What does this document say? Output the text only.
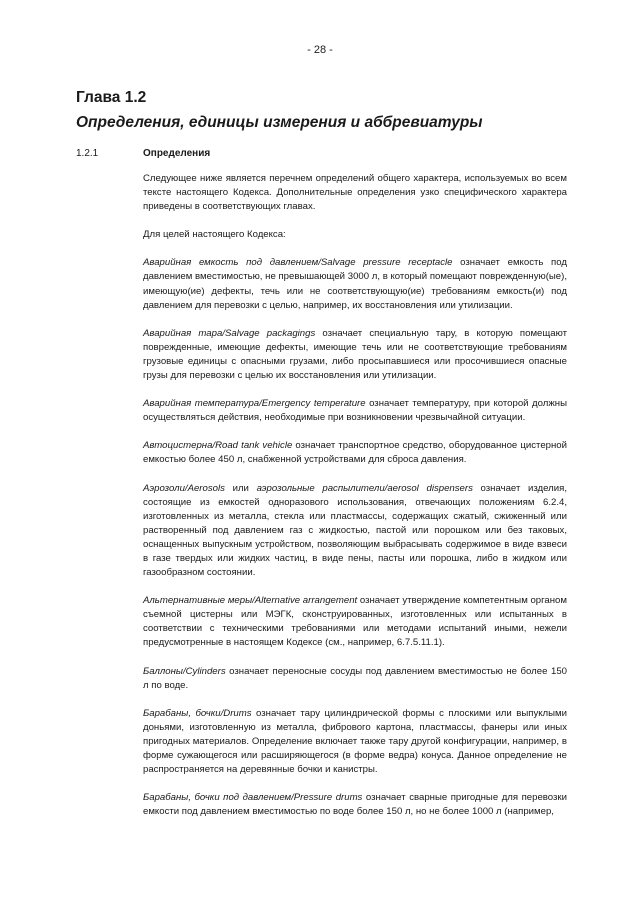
- 28 -
Глава 1.2
Определения, единицы измерения и аббревиатуры
1.2.1	Определения

Следующее ниже является перечнем определений общего характера, используемых во всем тексте настоящего Кодекса. Дополнительные определения узко специфического характера приведены в соответствующих главах.

Для целей настоящего Кодекса:

Аварийная емкость под давлением/Salvage pressure receptacle означает емкость под давлением вместимостью, не превышающей 3000 л, в который помещают поврежденную(ые), имеющую(ие) дефекты, течь или не соответствующую(ие) требованиям емкость(и) под давлением для перевозки с целью, например, их восстановления или утилизации.

Аварийная тара/Salvage packagings означает специальную тару, в которую помещают поврежденные, имеющие дефекты, имеющие течь или не соответствующие требованиям грузовые единицы с опасными грузами, либо просыпавшиеся или просочившиеся опасные грузы для перевозки с целью их восстановления или утилизации.

Аварийная температура/Emergency temperature означает температуру, при которой должны осуществляться действия, необходимые при возникновении чрезвычайной ситуации.

Автоцистерна/Road tank vehicle означает транспортное средство, оборудованное цистерной емкостью более 450 л, снабженной устройствами для сброса давления.

Аэрозоли/Aerosols или аэрозольные распылители/aerosol dispensers означает изделия, состоящие из емкостей одноразового использования, отвечающих положениям 6.2.4, изготовленных из металла, стекла или пластмассы, содержащих сжатый, сжиженный или растворенный под давлением газ с жидкостью, пастой или порошком или без таковых, оснащенных выпускным устройством, позволяющим выбрасывать содержимое в виде взвеси в газе твердых или жидких частиц, в виде пены, пасты или порошка, либо в жидком или газообразном состоянии.

Альтернативные меры/Alternative arrangement означает утверждение компетентным органом съемной цистерны или МЭГК, сконструированных, изготовленных или испытанных в соответствии с техническими требованиями или методами испытаний иными, нежели предусмотренные в настоящем Кодексе (см., например, 6.7.5.11.1).

Баллоны/Cylinders означает переносные сосуды под давлением вместимостью не более 150 л по воде.

Барабаны, бочки/Drums означает тару цилиндрической формы с плоскими или выпуклыми доньями, изготовленную из металла, фибрового картона, пластмассы, фанеры или иных пригодных материалов. Определение включает также тару другой конфигурации, например, в форме сужающегося или расширяющегося (в форме ведра) конуса. Данное определение не распространяется на деревянные бочки и канистры.

Барабаны, бочки под давлением/Pressure drums означает сварные пригодные для перевозки емкости под давлением вместимостью по воде более 150 л, но не более 1000 л (например,
